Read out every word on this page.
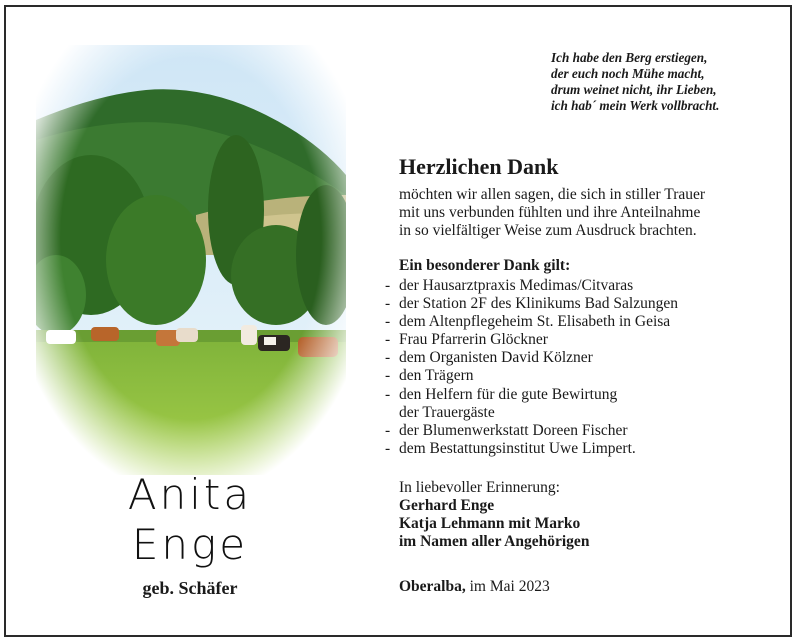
Anita
Enge
geb. Schäfer
Ich habe den Berg erstiegen,
der euch noch Mühe macht,
drum weinet nicht, ihr Lieben,
ich hab´ mein Werk vollbracht.
Herzlichen Dank
möchten wir allen sagen, die sich in stiller Trauer
mit uns verbunden fühlten und ihre Anteilnahme
in so vielfältiger Weise zum Ausdruck brachten.
Ein besonderer Dank gilt:
- der Hausarztpraxis Medimas/Citvaras
- der Station 2F des Klinikums Bad Salzungen
- dem Altenpflegeheim St. Elisabeth in Geisa
- Frau Pfarrerin Glöckner
- dem Organisten David Kölzner
- den Trägern
- den Helfern für die gute Bewirtung
der Trauergäste
- der Blumenwerkstatt Doreen Fischer
- dem Bestattungsinstitut Uwe Limpert.
In liebevoller Erinnerung:
Gerhard Enge
Katja Lehmann mit Marko
im Namen aller Angehörigen
Oberalba, im Mai 2023
